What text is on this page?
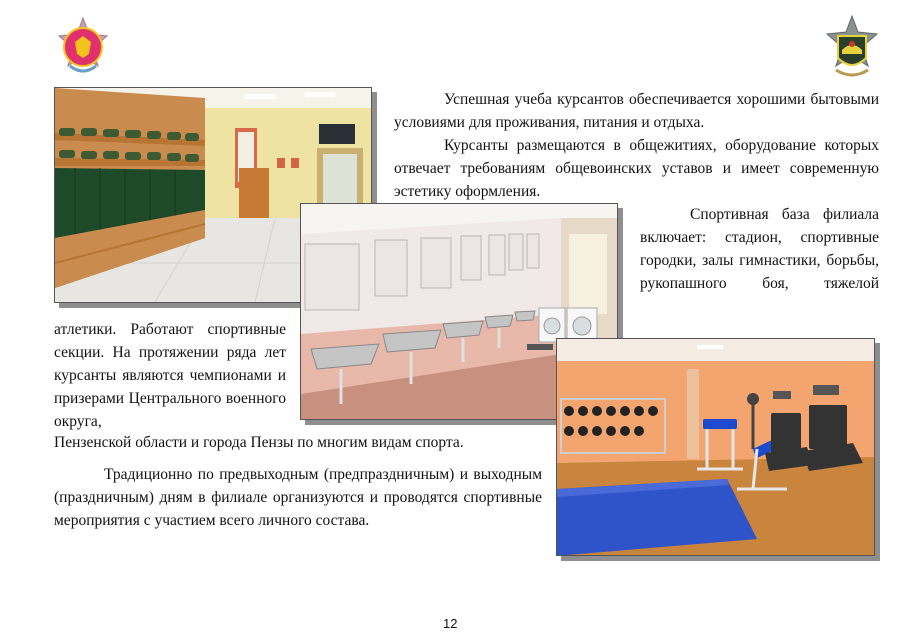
Успешная учеба курсантов обеспечивается хорошими бытовыми условиями для проживания, питания и отдыха.
Курсанты размещаются в общежитиях, оборудование которых отвечает требованиям общевоинских уставов и имеет современную эстетику оформления.
Спортивная база филиала включает: стадион, спортивные городки, залы гимнастики, борьбы, рукопашного боя, тяжелой
атлетики. Работают спортивные секции. На протяжении ряда лет курсанты являются чемпионами и призерами Центрального военного округа,
Пензенской области и города Пензы по многим видам спорта.
Традиционно по предвыходным (предпраздничным) и выходным (праздничным) дням в филиале организуются и проводятся спортивные мероприятия с участием всего личного состава.
12
